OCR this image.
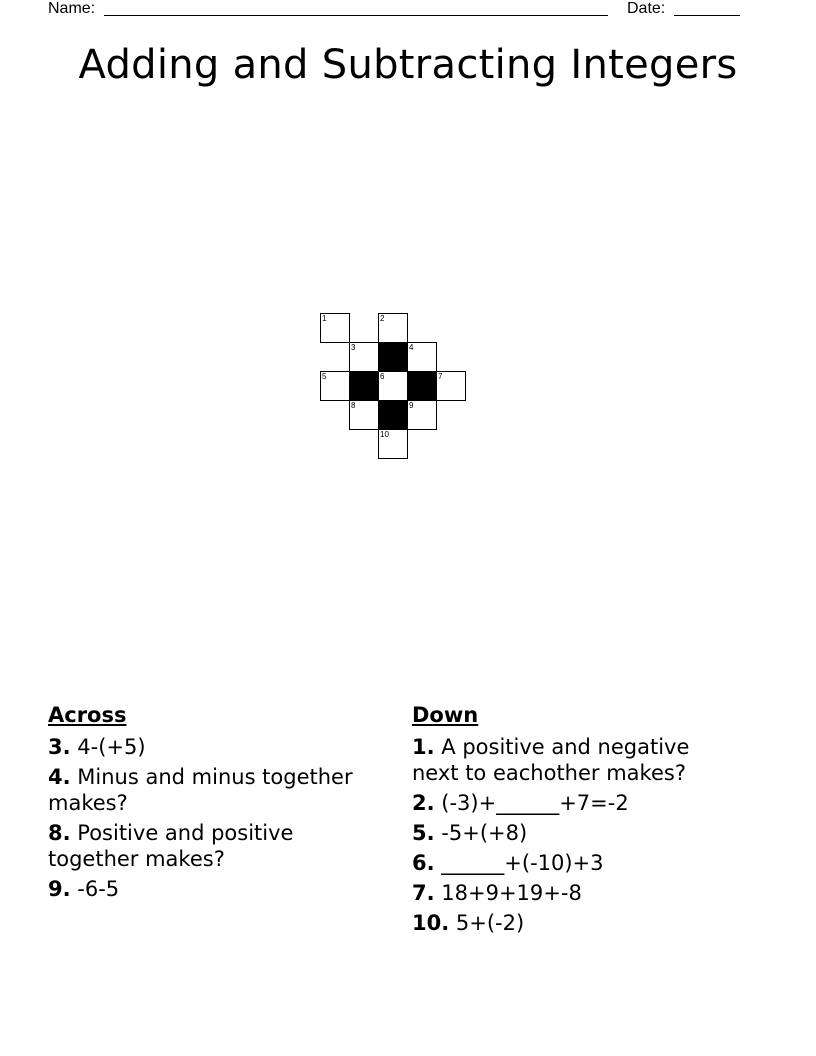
Name:	Date:
Adding and Subtracting Integers
1	2
3	4
5	6	7
8	9
10
Across
3. 4-(+5)
4. Minus and minus together makes?
8. Positive and positive together makes?
9. -6-5
Down
1. A positive and negative next to eachother makes?
2. (-3)+______+7=-2
5. -5+(+8)
6. ______+(-10)+3
7. 18+9+19+-8
10. 5+(-2)
